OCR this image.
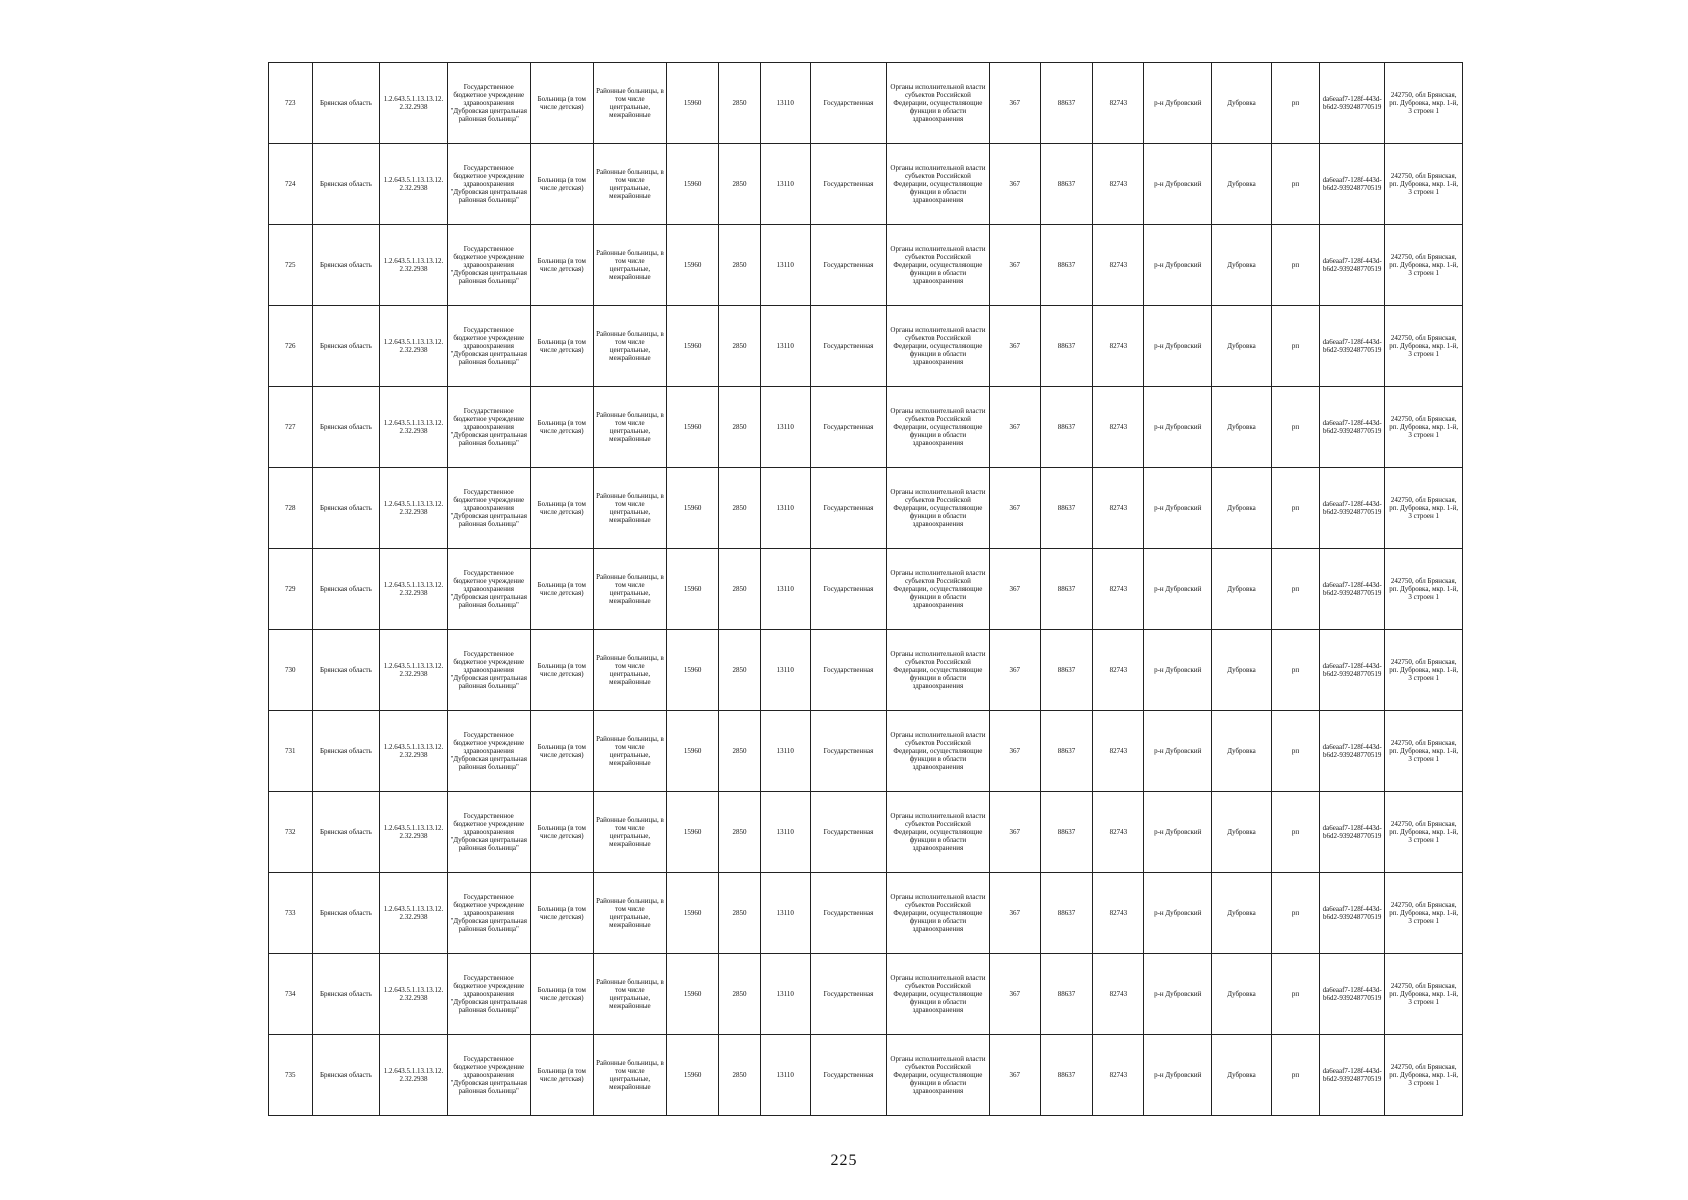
723	Брянская область	1.2.643.5.1.13.13.12.2.32.2938	Государственное бюджетное учреждение здравоохранения "Дубровская центральная районная больница"	Больница (в том числе детская)	Районные больницы, в том числе центральные, межрайонные	15960	2850	13110	Государственная	Органы исполнительной власти субъектов Российской Федерации, осуществляющие функции в области здравоохранения	367	88637	82743	р-н Дубровский	Дубровка	рп	da6eaaf7-128f-443d-b6d2-939248770519	242750, обл Брянская, рп. Дубровка, мкр. 1-й, 3 строен 1
724	Брянская область	1.2.643.5.1.13.13.12.2.32.2938	Государственное бюджетное учреждение здравоохранения "Дубровская центральная районная больница"	Больница (в том числе детская)	Районные больницы, в том числе центральные, межрайонные	15960	2850	13110	Государственная	Органы исполнительной власти субъектов Российской Федерации, осуществляющие функции в области здравоохранения	367	88637	82743	р-н Дубровский	Дубровка	рп	da6eaaf7-128f-443d-b6d2-939248770519	242750, обл Брянская, рп. Дубровка, мкр. 1-й, 3 строен 1
725	Брянская область	1.2.643.5.1.13.13.12.2.32.2938	Государственное бюджетное учреждение здравоохранения "Дубровская центральная районная больница"	Больница (в том числе детская)	Районные больницы, в том числе центральные, межрайонные	15960	2850	13110	Государственная	Органы исполнительной власти субъектов Российской Федерации, осуществляющие функции в области здравоохранения	367	88637	82743	р-н Дубровский	Дубровка	рп	da6eaaf7-128f-443d-b6d2-939248770519	242750, обл Брянская, рп. Дубровка, мкр. 1-й, 3 строен 1
726	Брянская область	1.2.643.5.1.13.13.12.2.32.2938	Государственное бюджетное учреждение здравоохранения "Дубровская центральная районная больница"	Больница (в том числе детская)	Районные больницы, в том числе центральные, межрайонные	15960	2850	13110	Государственная	Органы исполнительной власти субъектов Российской Федерации, осуществляющие функции в области здравоохранения	367	88637	82743	р-н Дубровский	Дубровка	рп	da6eaaf7-128f-443d-b6d2-939248770519	242750, обл Брянская, рп. Дубровка, мкр. 1-й, 3 строен 1
727	Брянская область	1.2.643.5.1.13.13.12.2.32.2938	Государственное бюджетное учреждение здравоохранения "Дубровская центральная районная больница"	Больница (в том числе детская)	Районные больницы, в том числе центральные, межрайонные	15960	2850	13110	Государственная	Органы исполнительной власти субъектов Российской Федерации, осуществляющие функции в области здравоохранения	367	88637	82743	р-н Дубровский	Дубровка	рп	da6eaaf7-128f-443d-b6d2-939248770519	242750, обл Брянская, рп. Дубровка, мкр. 1-й, 3 строен 1
728	Брянская область	1.2.643.5.1.13.13.12.2.32.2938	Государственное бюджетное учреждение здравоохранения "Дубровская центральная районная больница"	Больница (в том числе детская)	Районные больницы, в том числе центральные, межрайонные	15960	2850	13110	Государственная	Органы исполнительной власти субъектов Российской Федерации, осуществляющие функции в области здравоохранения	367	88637	82743	р-н Дубровский	Дубровка	рп	da6eaaf7-128f-443d-b6d2-939248770519	242750, обл Брянская, рп. Дубровка, мкр. 1-й, 3 строен 1
729	Брянская область	1.2.643.5.1.13.13.12.2.32.2938	Государственное бюджетное учреждение здравоохранения "Дубровская центральная районная больница"	Больница (в том числе детская)	Районные больницы, в том числе центральные, межрайонные	15960	2850	13110	Государственная	Органы исполнительной власти субъектов Российской Федерации, осуществляющие функции в области здравоохранения	367	88637	82743	р-н Дубровский	Дубровка	рп	da6eaaf7-128f-443d-b6d2-939248770519	242750, обл Брянская, рп. Дубровка, мкр. 1-й, 3 строен 1
730	Брянская область	1.2.643.5.1.13.13.12.2.32.2938	Государственное бюджетное учреждение здравоохранения "Дубровская центральная районная больница"	Больница (в том числе детская)	Районные больницы, в том числе центральные, межрайонные	15960	2850	13110	Государственная	Органы исполнительной власти субъектов Российской Федерации, осуществляющие функции в области здравоохранения	367	88637	82743	р-н Дубровский	Дубровка	рп	da6eaaf7-128f-443d-b6d2-939248770519	242750, обл Брянская, рп. Дубровка, мкр. 1-й, 3 строен 1
731	Брянская область	1.2.643.5.1.13.13.12.2.32.2938	Государственное бюджетное учреждение здравоохранения "Дубровская центральная районная больница"	Больница (в том числе детская)	Районные больницы, в том числе центральные, межрайонные	15960	2850	13110	Государственная	Органы исполнительной власти субъектов Российской Федерации, осуществляющие функции в области здравоохранения	367	88637	82743	р-н Дубровский	Дубровка	рп	da6eaaf7-128f-443d-b6d2-939248770519	242750, обл Брянская, рп. Дубровка, мкр. 1-й, 3 строен 1
732	Брянская область	1.2.643.5.1.13.13.12.2.32.2938	Государственное бюджетное учреждение здравоохранения "Дубровская центральная районная больница"	Больница (в том числе детская)	Районные больницы, в том числе центральные, межрайонные	15960	2850	13110	Государственная	Органы исполнительной власти субъектов Российской Федерации, осуществляющие функции в области здравоохранения	367	88637	82743	р-н Дубровский	Дубровка	рп	da6eaaf7-128f-443d-b6d2-939248770519	242750, обл Брянская, рп. Дубровка, мкр. 1-й, 3 строен 1
733	Брянская область	1.2.643.5.1.13.13.12.2.32.2938	Государственное бюджетное учреждение здравоохранения "Дубровская центральная районная больница"	Больница (в том числе детская)	Районные больницы, в том числе центральные, межрайонные	15960	2850	13110	Государственная	Органы исполнительной власти субъектов Российской Федерации, осуществляющие функции в области здравоохранения	367	88637	82743	р-н Дубровский	Дубровка	рп	da6eaaf7-128f-443d-b6d2-939248770519	242750, обл Брянская, рп. Дубровка, мкр. 1-й, 3 строен 1
734	Брянская область	1.2.643.5.1.13.13.12.2.32.2938	Государственное бюджетное учреждение здравоохранения "Дубровская центральная районная больница"	Больница (в том числе детская)	Районные больницы, в том числе центральные, межрайонные	15960	2850	13110	Государственная	Органы исполнительной власти субъектов Российской Федерации, осуществляющие функции в области здравоохранения	367	88637	82743	р-н Дубровский	Дубровка	рп	da6eaaf7-128f-443d-b6d2-939248770519	242750, обл Брянская, рп. Дубровка, мкр. 1-й, 3 строен 1
735	Брянская область	1.2.643.5.1.13.13.12.2.32.2938	Государственное бюджетное учреждение здравоохранения "Дубровская центральная районная больница"	Больница (в том числе детская)	Районные больницы, в том числе центральные, межрайонные	15960	2850	13110	Государственная	Органы исполнительной власти субъектов Российской Федерации, осуществляющие функции в области здравоохранения	367	88637	82743	р-н Дубровский	Дубровка	рп	da6eaaf7-128f-443d-b6d2-939248770519	242750, обл Брянская, рп. Дубровка, мкр. 1-й, 3 строен 1
225
